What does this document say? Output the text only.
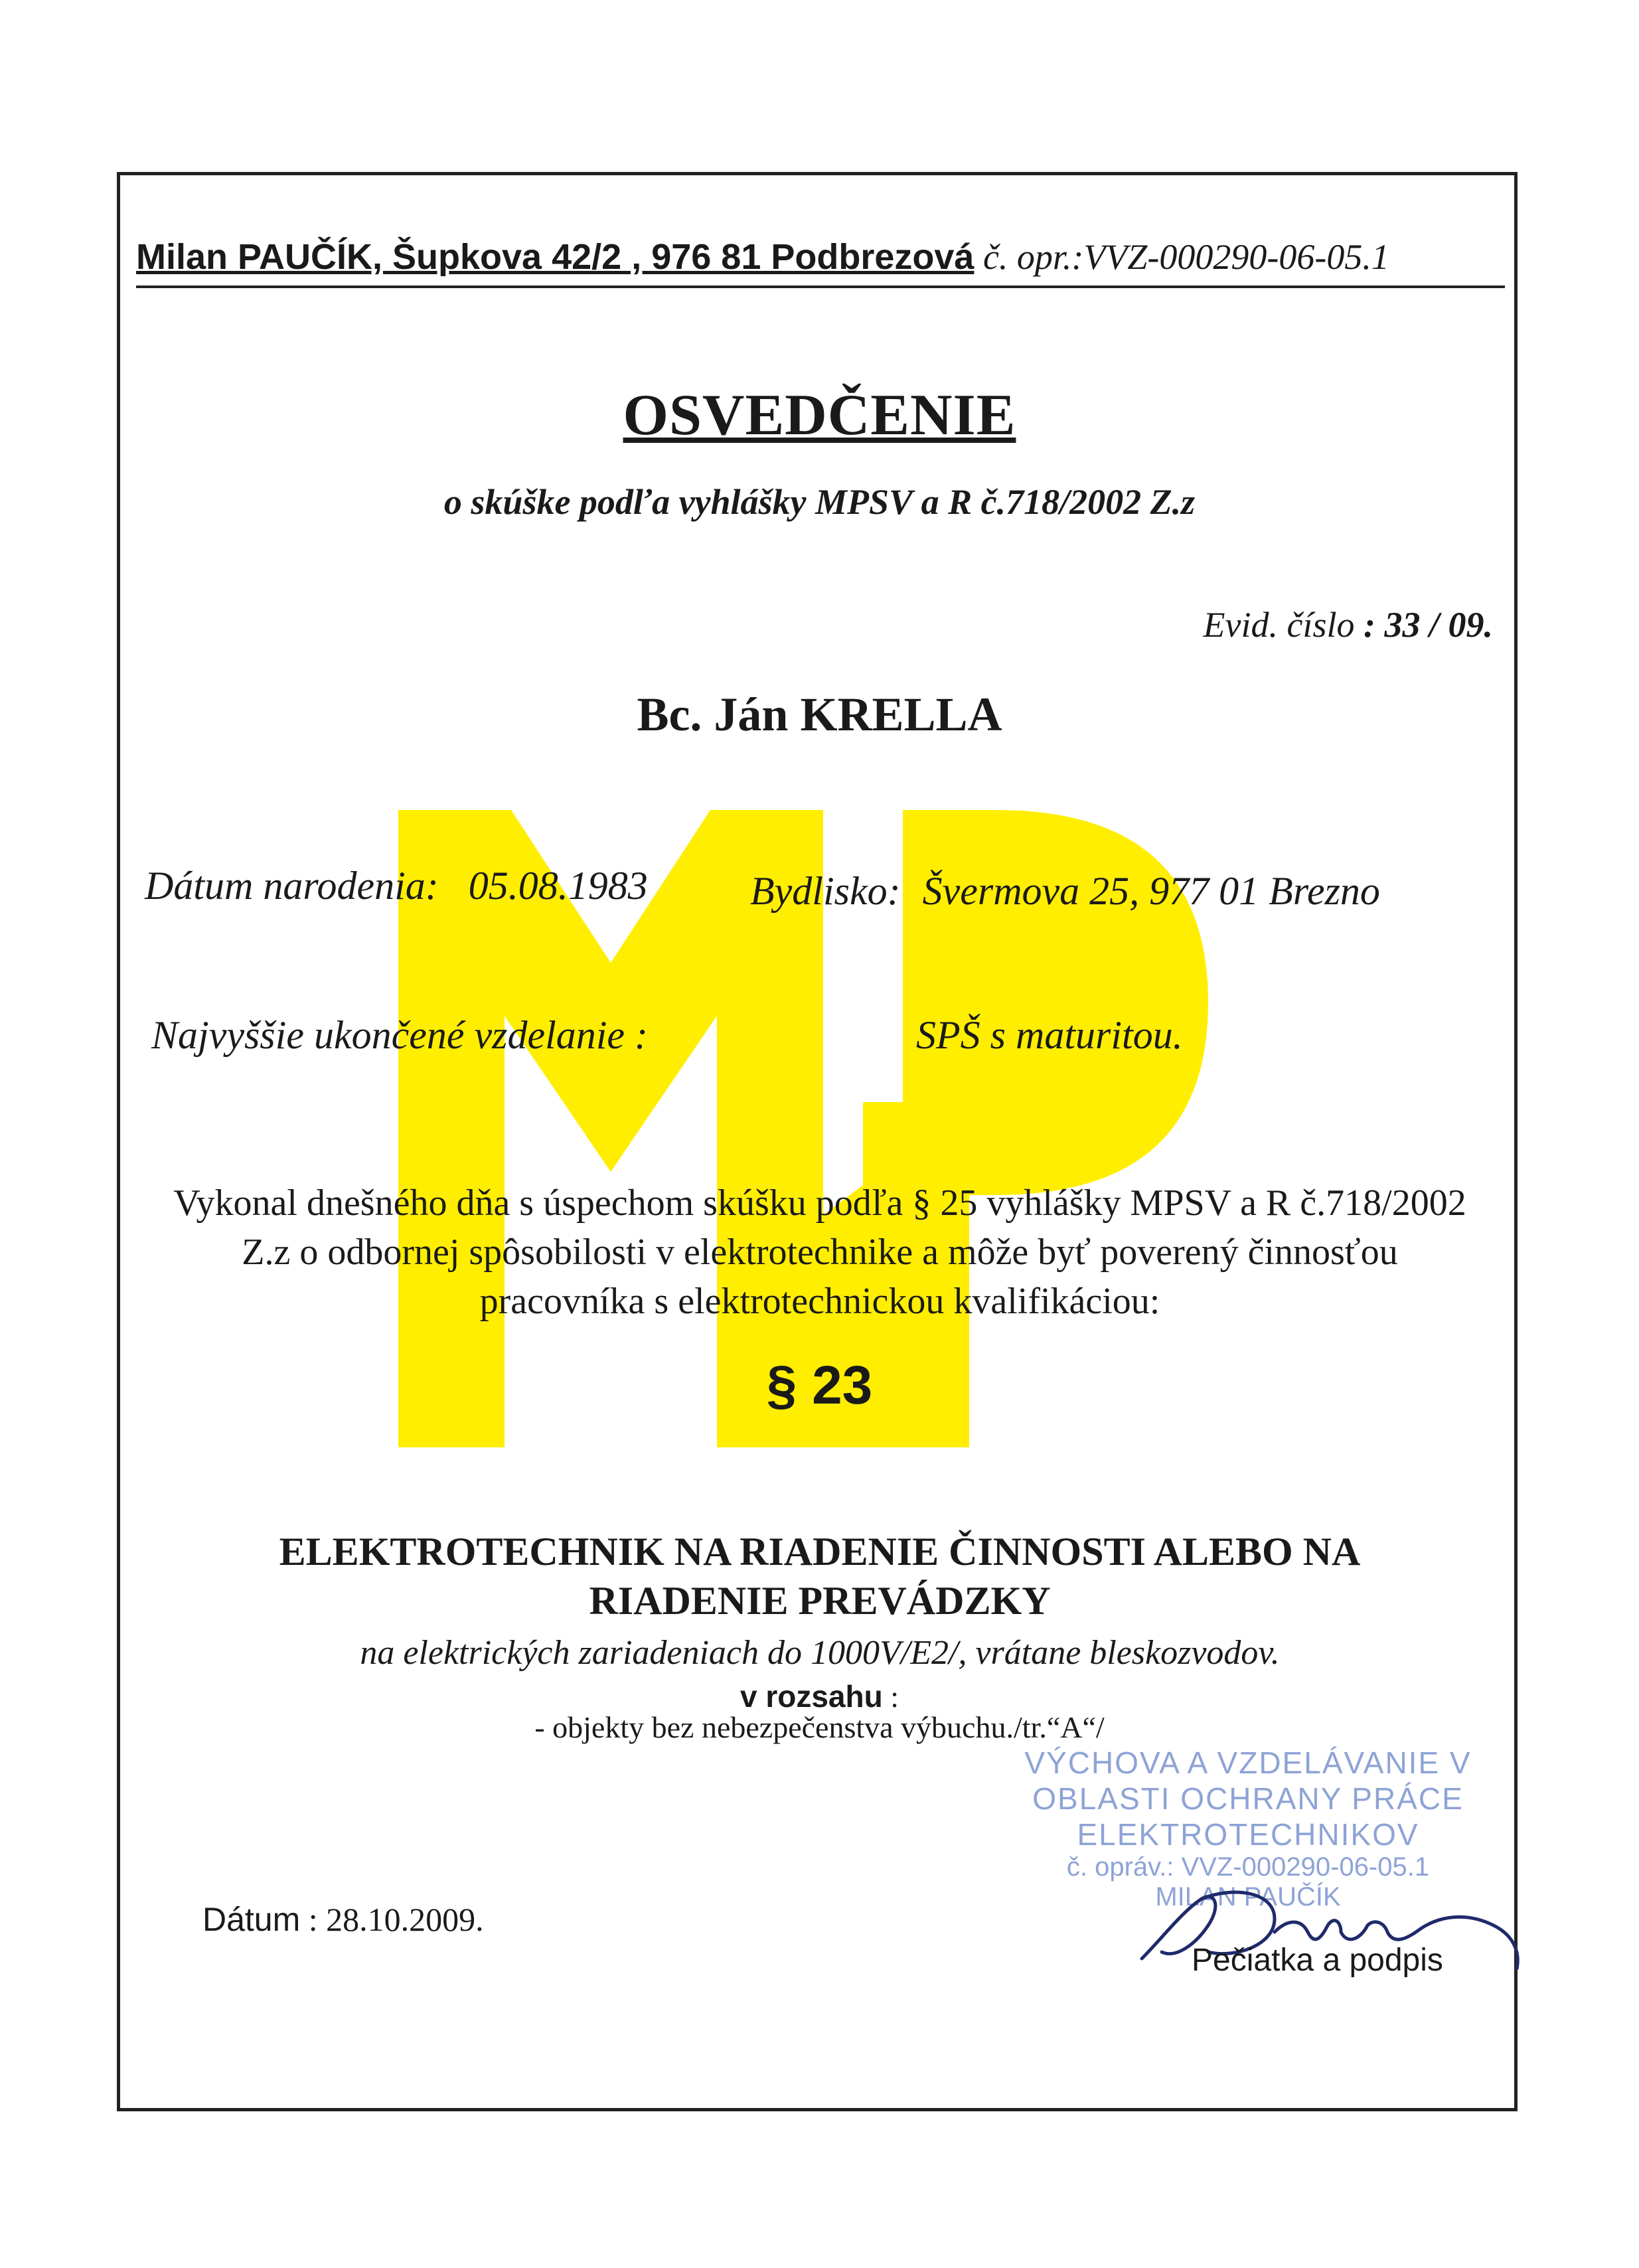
Milan PAUČÍK, Šupkova 42/2 , 976 81 Podbrezová č. opr.:VVZ-000290-06-05.1
OSVEDČENIE
o skúške podľa vyhlášky MPSV a R č.718/2002 Z.z
Evid. číslo : 33 / 09.
Bc. Ján KRELLA
Dátum narodenia: 05.08.1983	Bydlisko: Švermova 25, 977 01 Brezno
Najvyššie ukončené vzdelanie :	SPŠ s maturitou.
Vykonal dnešného dňa s úspechom skúšku podľa § 25 vyhlášky MPSV a R č.718/2002
Z.z o odbornej spôsobilosti v elektrotechnike a môže byť poverený činnosťou
pracovníka s elektrotechnickou kvalifikáciou:
§ 23
ELEKTROTECHNIK NA RIADENIE ČINNOSTI ALEBO NA
RIADENIE PREVÁDZKY
na elektrických zariadeniach do 1000V/E2/, vrátane bleskozvodov.
v rozsahu :
- objekty bez nebezpečenstva výbuchu./tr.“A“/
VÝCHOVA A VZDELÁVANIE V
OBLASTI OCHRANY PRÁCE
ELEKTROTECHNIKOV
č. opráv.: VVZ-000290-06-05.1
MILAN PAUČÍK
Dátum : 28.10.2009.
Pečiatka a podpis
